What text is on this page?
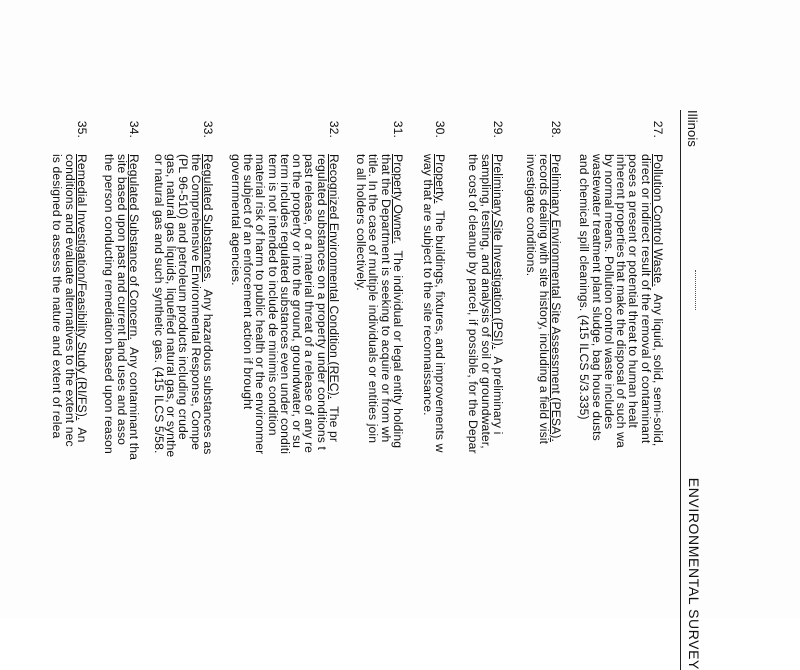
Illinois
ENVIRONMENTAL SURVEY
27.
Pollution Control Waste.  Any liquid, solid, semi-solid,
direct or indirect result of the removal of contaminant
poses a present or potential threat to human healt
inherent properties that make the disposal of such wa
by normal means. Pollution control waste includes
wastewater treatment plant sludge, bag house dusts
and chemical spill cleanings. (415 ILCS 5/3.335)
28.
Preliminary Environmental Site Assessment (PESA).
records dealing with site history, including a field visit
investigate conditions.
29.
Preliminary Site Investigation (PSI).  A preliminary i
sampling, testing, and analysis of soil or groundwater,
the cost of cleanup by parcel, if possible, for the Depar
30.
Property.  The buildings, fixtures, and improvements w
way that are subject to the site reconnaissance.
31.
Property Owner.  The individual or legal entity holding
that the Department is seeking to acquire or from wh
title. In the case of multiple individuals or entities join
to all holders collectively.
32.
Recognized Environmental Condition (REC).  The pr
regulated substances on a property under conditions t
past release, or a material threat of a release of any re
on the property or into the ground, groundwater, or su
term includes regulated substances even under conditi
term is not intended to include de minimis condition
material risk of harm to public health or the environmer
the subject of an enforcement action if brought
governmental agencies.
33.
Regulated Substances.  Any hazardous substances as
the Comprehensive Environmental Response, Compe
(PL 96-510) and petroleum products including crude
gas, natural gas liquids, liquefied natural gas, or synthe
or natural gas and such synthetic gas. (415 ILCS 5/58.
34.
Regulated Substance of Concern.  Any contaminant tha
site based upon past and current land uses and asso
the person conducting remediation based upon reason
35.
Remedial Investigation/Feasibility Study (RI/FS).  An
conditions and evaluate alternatives to the extent nec
is designed to assess the nature and extent of relea
